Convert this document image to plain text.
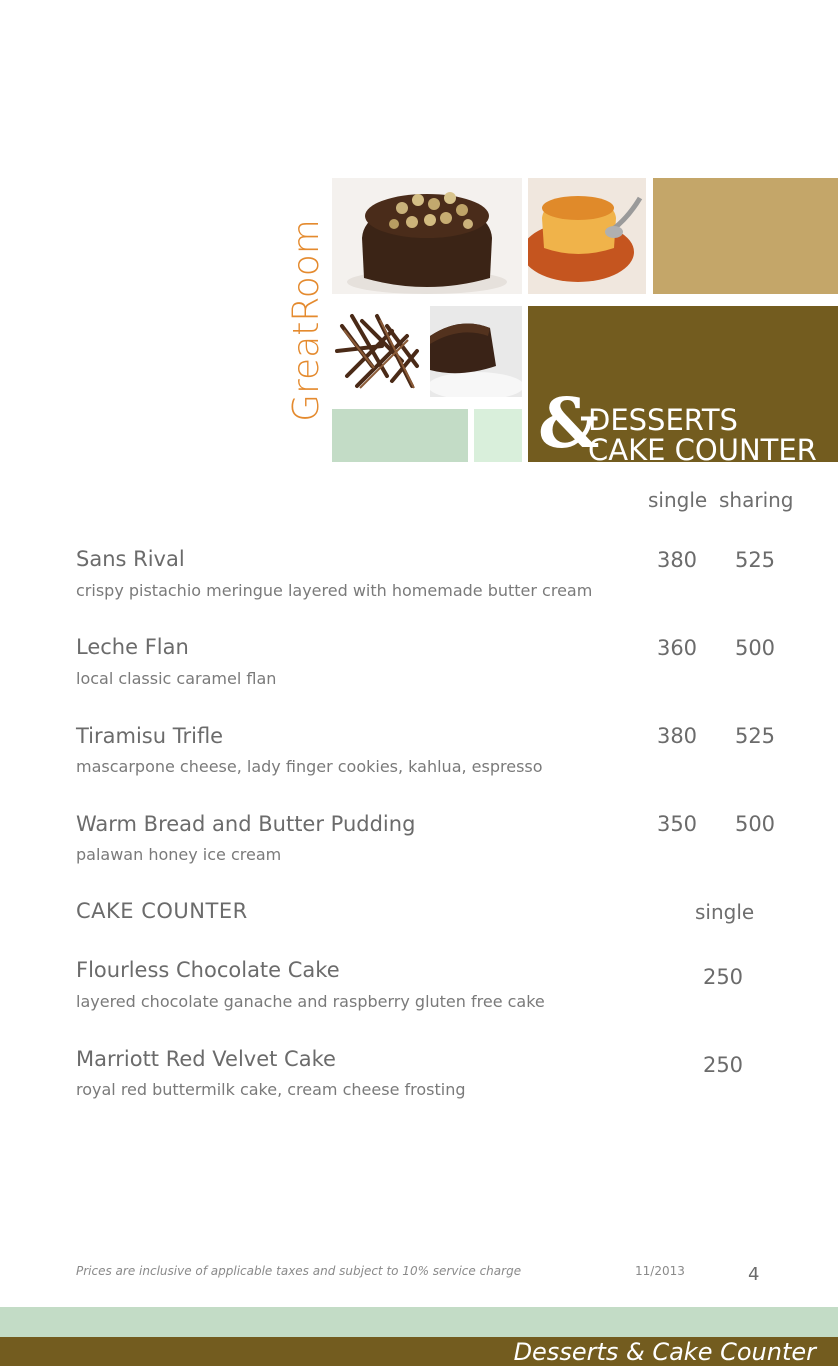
GreatRoom
&
DESSERTS
CAKE COUNTER
single sharing
Sans Rival
crispy pistachio meringue layered with homemade butter cream
380	525
Leche Flan
local classic caramel flan
360	500
Tiramisu Trifle
mascarpone cheese, lady finger cookies, kahlua, espresso
380	525
Warm Bread and Butter Pudding
palawan honey ice cream
350	500
CAKE COUNTER	single
Flourless Chocolate Cake
layered chocolate ganache and raspberry gluten free cake
250
Marriott Red Velvet Cake
royal red buttermilk cake, cream cheese frosting
250
Prices are inclusive of applicable taxes and subject to 10% service charge	11/2013	4
Desserts & Cake Counter
